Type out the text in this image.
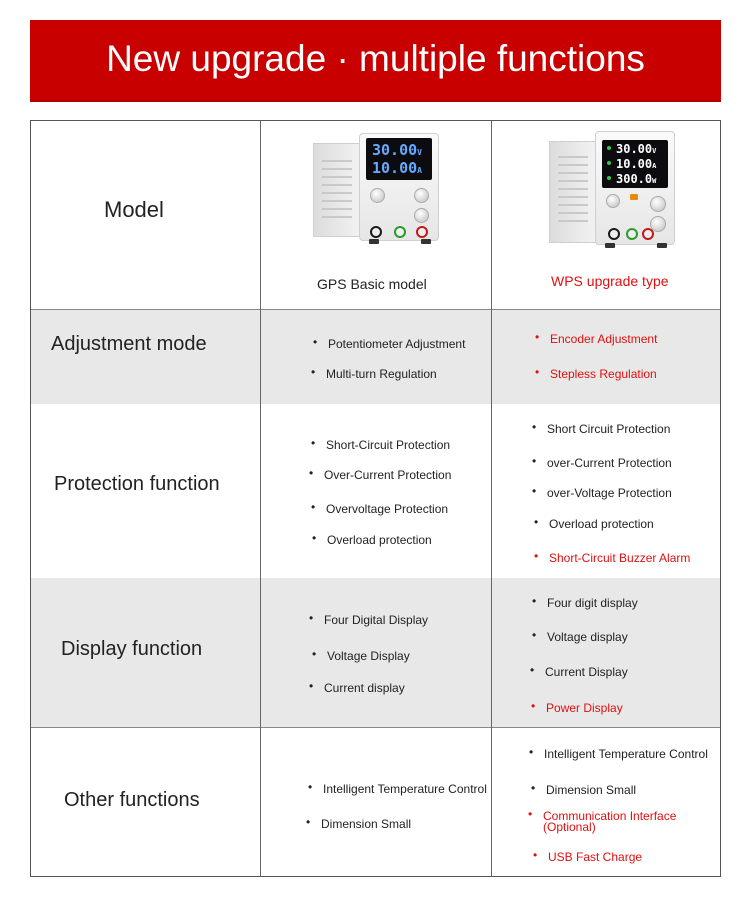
New upgrade · multiple functions
Model
30.00V
10.00A
GPS Basic model
30.00V
10.00A
300.0W
WPS upgrade type
Adjustment mode	• Potentiometer Adjustment
• Multi-turn Regulation
• Encoder Adjustment
• Stepless Regulation
Protection function
• Short-Circuit Protection
• Over-Current Protection
• Overvoltage Protection
• Overload protection
• Short Circuit Protection
• over-Current Protection
• over-Voltage Protection
• Overload protection
• Short-Circuit Buzzer Alarm
Display function
• Four Digital Display
• Voltage Display
• Current display
• Four digit display
• Voltage display
• Current Display
• Power Display
Other functions	• Intelligent Temperature Control
• Dimension Small
• Intelligent Temperature Control
• Dimension Small
• Communication Interface (Optional)
• USB Fast Charge
